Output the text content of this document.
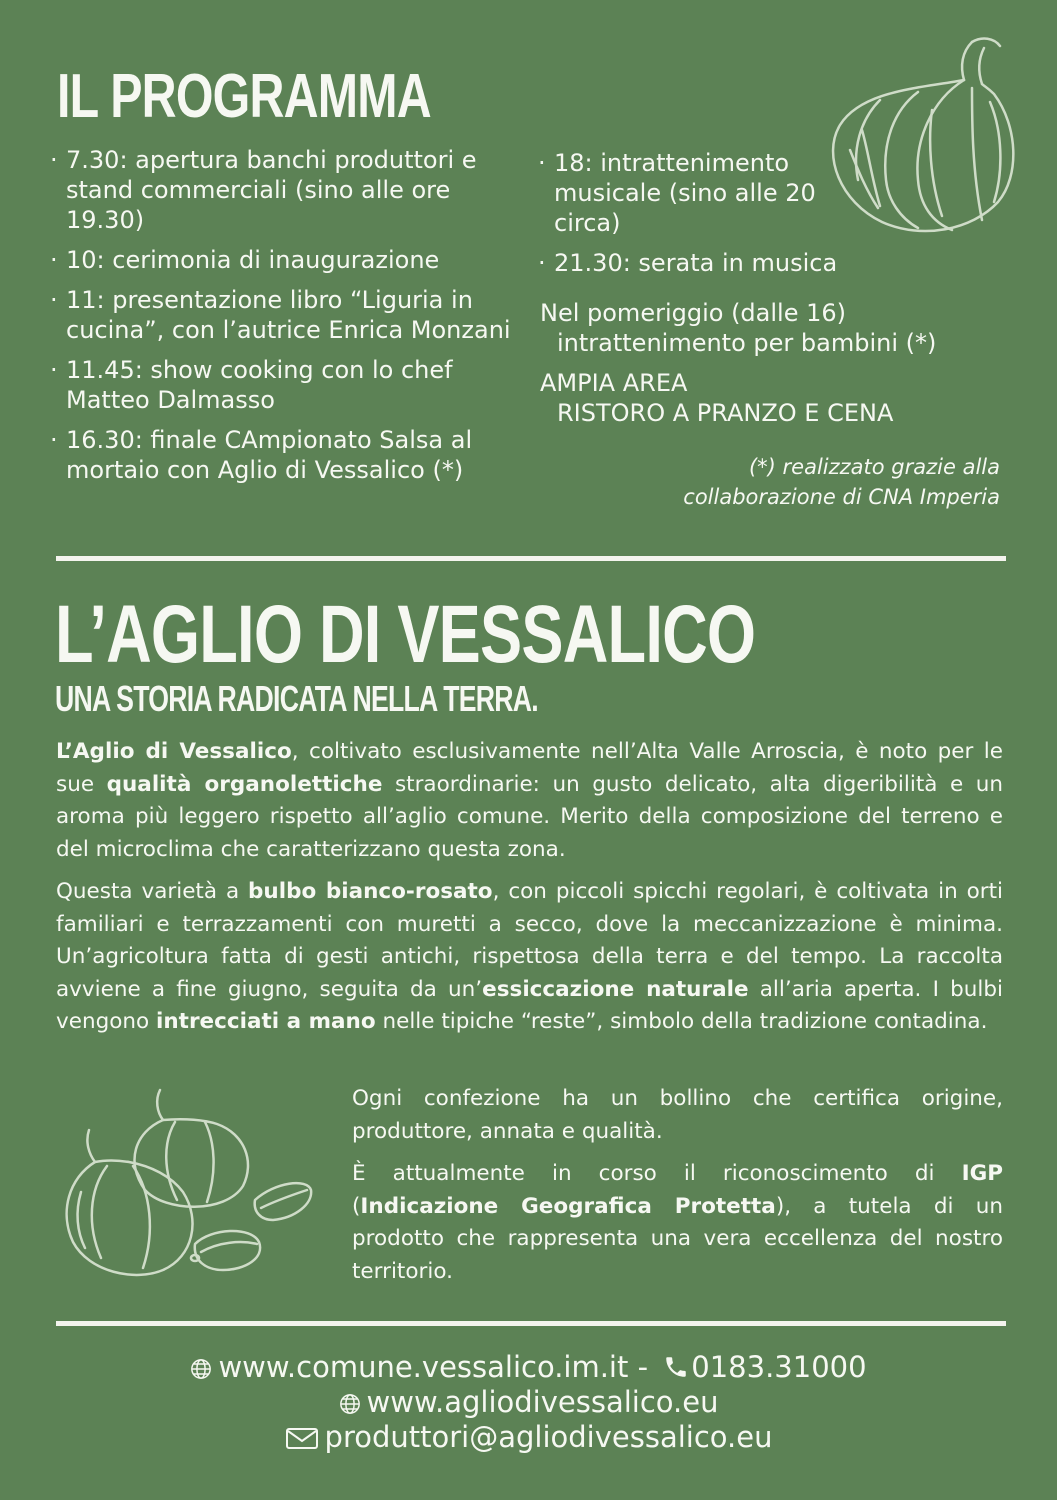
IL PROGRAMMA
· 7.30: apertura banchi produttori e stand commerciali (sino alle ore 19.30)
· 10: cerimonia di inaugurazione
· 11: presentazione libro “Liguria in cucina”, con l’autrice Enrica Monzani
· 11.45: show cooking con lo chef Matteo Dalmasso
· 16.30: finale CAmpionato Salsa al mortaio con Aglio di Vessalico (*)
· 18: intrattenimento musicale (sino alle 20 circa)
· 21.30: serata in musica
Nel pomeriggio (dalle 16)
intrattenimento per bambini (*)
AMPIA AREA
RISTORO A PRANZO E CENA
(*) realizzato grazie alla collaborazione di CNA Imperia
L’AGLIO DI VESSALICO
UNA STORIA RADICATA NELLA TERRA.

L’Aglio di Vessalico, coltivato esclusivamente nell’Alta Valle Arroscia, è noto per le sue qualità organolettiche straordinarie: un gusto delicato, alta digeribilità e un aroma più leggero rispetto all’aglio comune. Merito della composizione del terreno e del microclima che caratterizzano questa zona.

Questa varietà a bulbo bianco-rosato, con piccoli spicchi regolari, è coltivata in orti familiari e terrazzamenti con muretti a secco, dove la meccanizzazione è minima. Un’agricoltura fatta di gesti antichi, rispettosa della terra e del tempo. La raccolta avviene a fine giugno, seguita da un’essiccazione naturale all’aria aperta. I bulbi vengono intrecciati a mano nelle tipiche “reste”, simbolo della tradizione contadina.

Ogni confezione ha un bollino che certifica origine, produttore, annata e qualità.

È attualmente in corso il riconoscimento di IGP (Indicazione Geografica Protetta), a tutela di un prodotto che rappresenta una vera eccellenza del nostro territorio.

www.comune.vessalico.im.it - 0183.31000
www.agliodivessalico.eu
produttori@agliodivessalico.eu
